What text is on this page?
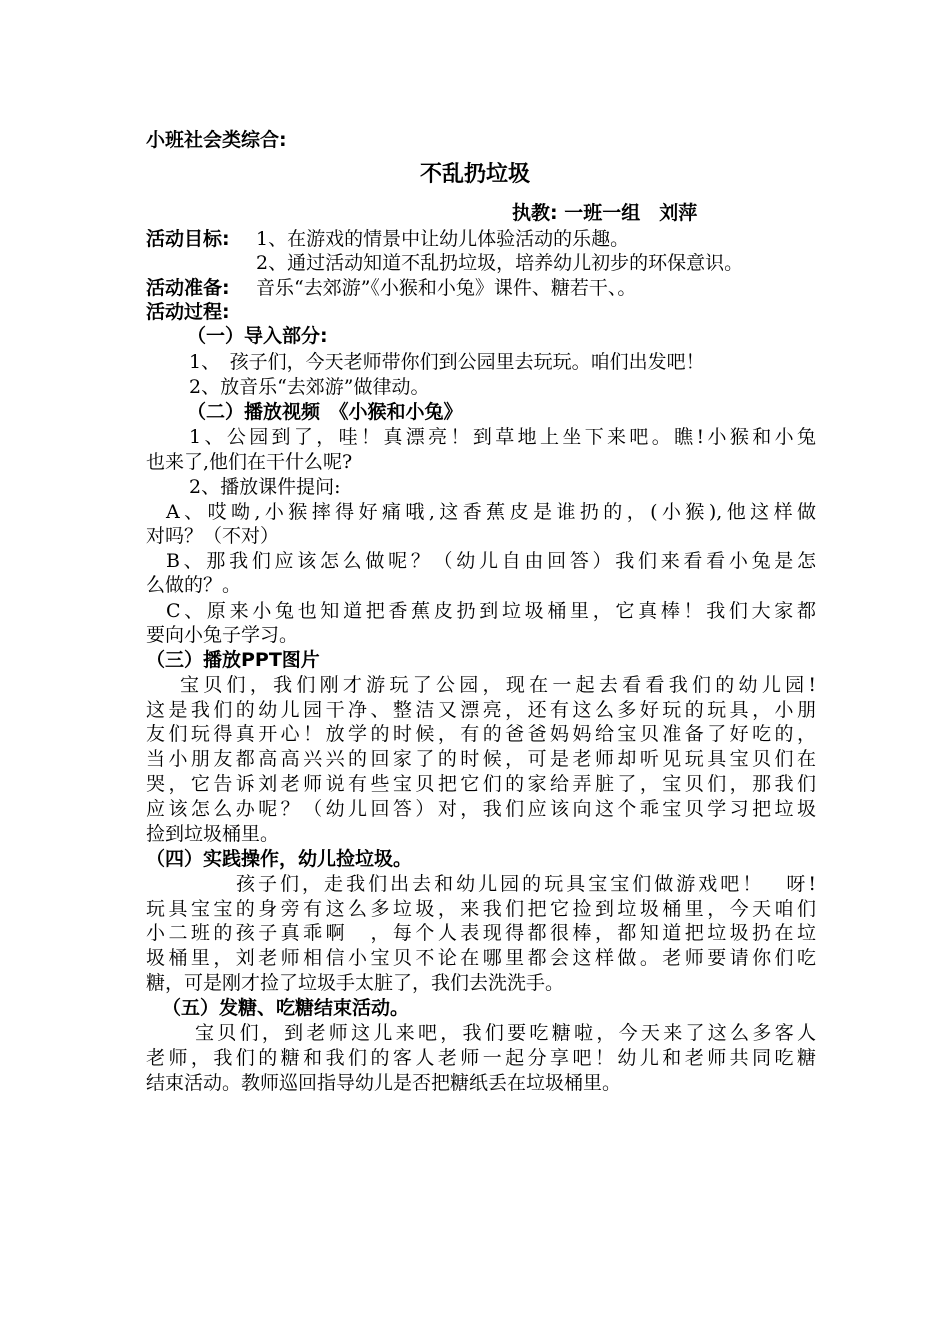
小班社会类综合:
不乱扔垃圾
执教: 一班一组　刘萍
活动目标:	1、在游戏的情景中让幼儿体验活动的乐趣。
2、通过活动知道不乱扔垃圾，培养幼儿初步的环保意识。
活动准备:	音乐“去郊游”《小猴和小兔》课件、糖若干、。
活动过程:
（一）导入部分:
1、　孩子们，今天老师带你们到公园里去玩玩。咱们出发吧！
2、放音乐“去郊游”做律动。
（二）播放视频　《小猴和小兔》
1、公园到了，哇！真漂亮！到草地上坐下来吧。瞧!小猴和小兔
也来了,他们在干什么呢?
2、播放课件提问:
A、哎呦,小猴摔得好痛哦,这香蕉皮是谁扔的，(小猴),他这样做
对吗？（不对）
B、那我们应该怎么做呢？（幼儿自由回答）我们来看看小兔是怎
么做的？。
C、原来小兔也知道把香蕉皮扔到垃圾桶里，它真棒！我们大家都
要向小兔子学习。
（三）播放PPT图片
宝贝们，我们刚才游玩了公园，现在一起去看看我们的幼儿园!
这是我们的幼儿园干净、整洁又漂亮，还有这么多好玩的玩具，小朋
友们玩得真开心！放学的时候，有的爸爸妈妈给宝贝准备了好吃的，
当小朋友都高高兴兴的回家了的时候，可是老师却听见玩具宝贝们在
哭，它告诉刘老师说有些宝贝把它们的家给弄脏了，宝贝们，那我们
应该怎么办呢？（幼儿回答）对，我们应该向这个乖宝贝学习把垃圾
捡到垃圾桶里。
（四）实践操作，幼儿捡垃圾。
孩子们，走我们出去和幼儿园的玩具宝宝们做游戏吧！　呀!
玩具宝宝的身旁有这么多垃圾，来我们把它捡到垃圾桶里，今天咱们
小二班的孩子真乖啊　，每个人表现得都很棒，都知道把垃圾扔在垃
圾桶里，刘老师相信小宝贝不论在哪里都会这样做。老师要请你们吃
糖，可是刚才捡了垃圾手太脏了，我们去洗洗手。
（五）发糖、吃糖结束活动。
宝贝们，到老师这儿来吧，我们要吃糖啦，今天来了这么多客人
老师，我们的糖和我们的客人老师一起分享吧！幼儿和老师共同吃糖
结束活动。教师巡回指导幼儿是否把糖纸丢在垃圾桶里。
